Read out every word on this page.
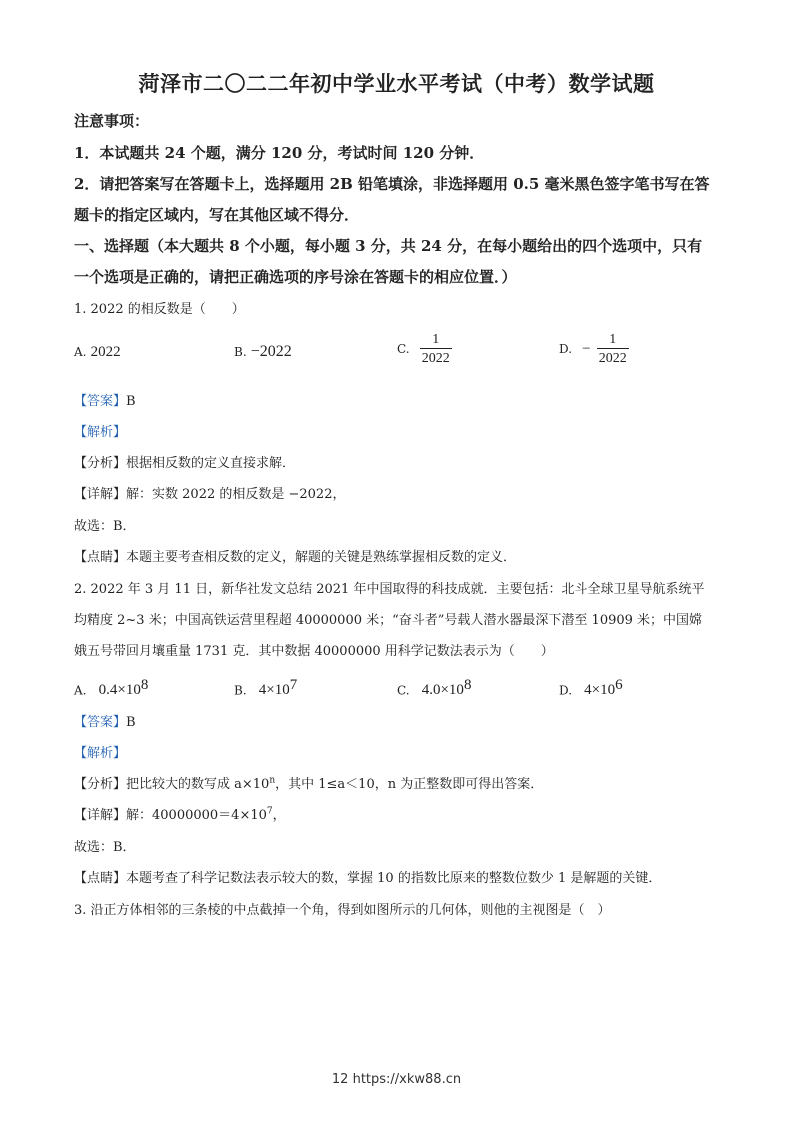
菏泽市二〇二二年初中学业水平考试（中考）数学试题
注意事项：
1．本试题共 24 个题，满分 120 分，考试时间 120 分钟．
2．请把答案写在答题卡上，选择题用 2B 铅笔填涂，非选择题用 0.5 毫米黑色签字笔书写在答
题卡的指定区域内，写在其他区域不得分．
一、选择题（本大题共 8 个小题，每小题 3 分，共 24 分，在每小题给出的四个选项中，只有
一个选项是正确的，请把正确选项的序号涂在答题卡的相应位置．）
1. 2022 的相反数是（　　）
A. 2022	B. −2022	C. $\frac{1}{2022}$	D. − $\frac{1}{2022}$
【答案】B
【解析】
【分析】根据相反数的定义直接求解．
【详解】解：实数 2022 的相反数是 −2022，
故选：B．
【点睛】本题主要考查相反数的定义，解题的关键是熟练掌握相反数的定义．
2. 2022 年 3 月 11 日，新华社发文总结 2021 年中国取得的科技成就．主要包括：北斗全球卫星导航系统平
均精度 2~3 米；中国高铁运营里程超 40000000 米；“奋斗者”号载人潜水器最深下潜至 10909 米；中国嫦
娥五号带回月壤重量 1731 克．其中数据 40000000 用科学记数法表示为（　　）
A. $0.4\times 10^8$	B. $4\times 10^7$	C. $4.0\times 10^8$	D. $4\times 10^6$
【答案】B
【解析】
【分析】把比较大的数写成 $a\times 10^n$，其中 1≤a＜10，n 为正整数即可得出答案．
【详解】解：$40000000=4\times 10^7$，
故选：B．
【点睛】本题考查了科学记数法表示较大的数，掌握 10 的指数比原来的整数位数少 1 是解题的关键．
3. 沿正方体相邻的三条棱的中点截掉一个角，得到如图所示的几何体，则他的主视图是（　）
12 https://xkw88.cn
